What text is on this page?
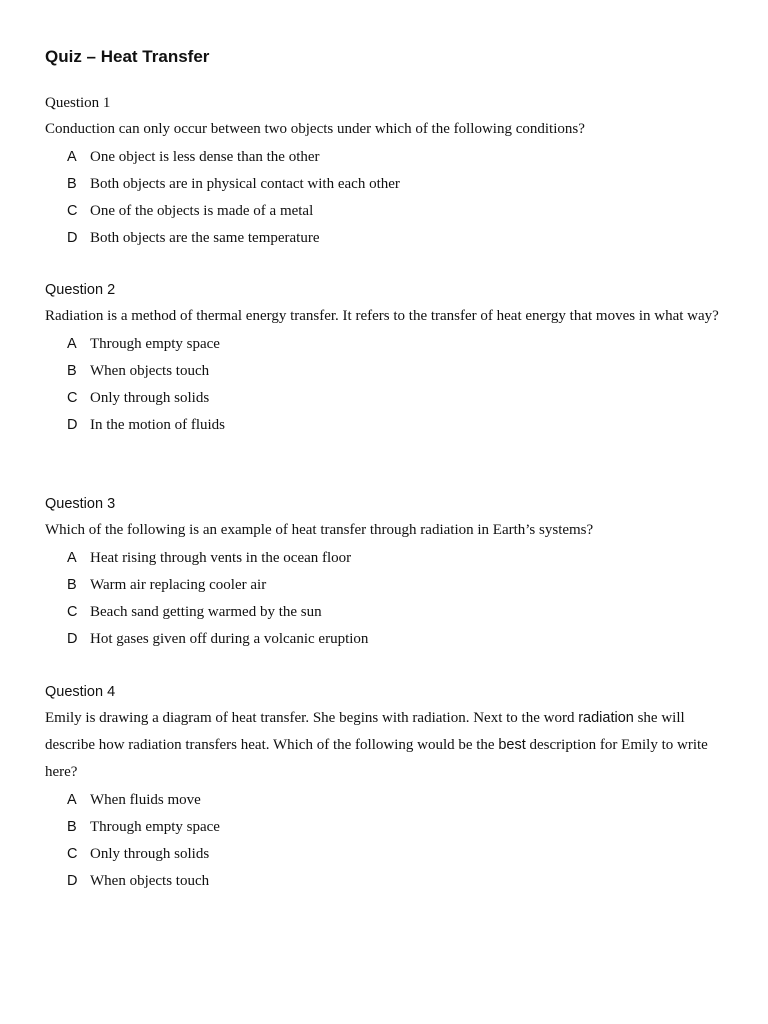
Quiz – Heat Transfer
Question 1

Conduction can only occur between two objects under which of the following conditions?

A One object is less dense than the other
B Both objects are in physical contact with each other
C One of the objects is made of a metal
D Both objects are the same temperature
Question 2

Radiation is a method of thermal energy transfer. It refers to the transfer of heat energy that moves in what way?

A Through empty space
B When objects touch
C Only through solids
D In the motion of fluids
Question 3

Which of the following is an example of heat transfer through radiation in Earth’s systems?

A Heat rising through vents in the ocean floor
B Warm air replacing cooler air
C Beach sand getting warmed by the sun
D Hot gases given off during a volcanic eruption
Question 4

Emily is drawing a diagram of heat transfer. She begins with radiation. Next to the word radiation she will describe how radiation transfers heat. Which of the following would be the best description for Emily to write here?

A When fluids move
B Through empty space
C Only through solids
D When objects touch
